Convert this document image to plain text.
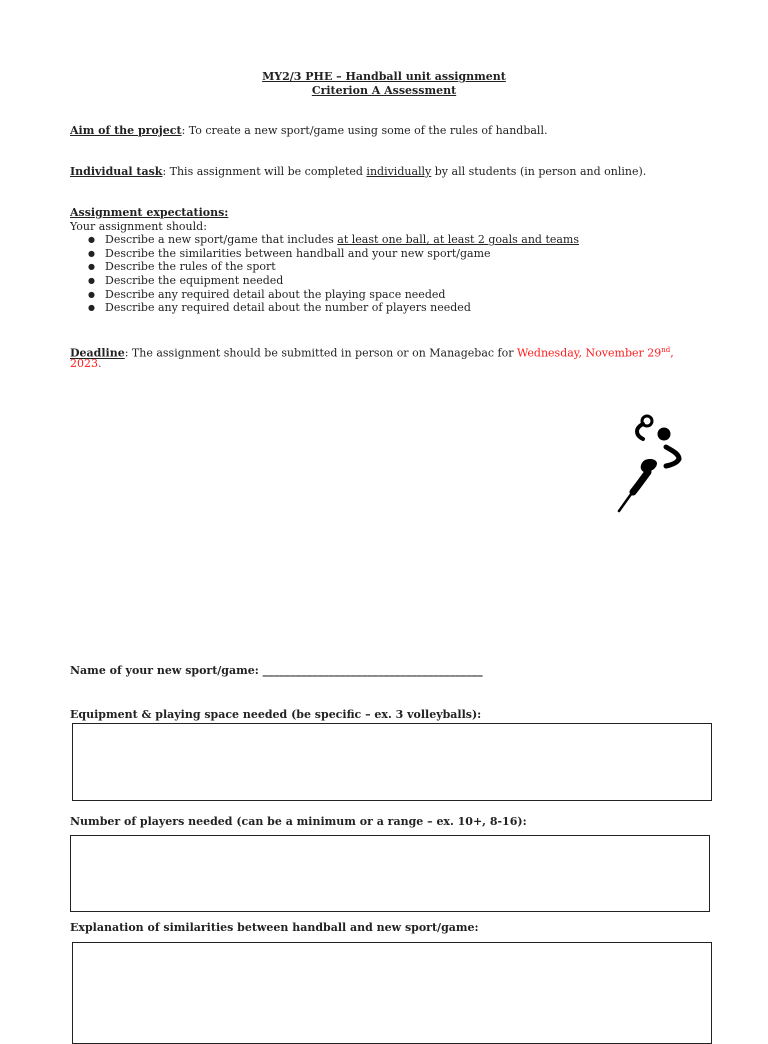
MY2/3 PHE – Handball unit assignment
Criterion A Assessment
Aim of the project: To create a new sport/game using some of the rules of handball.
Individual task: This assignment will be completed individually by all students (in person and online).
Assignment expectations:
Your assignment should:
● Describe a new sport/game that includes at least one ball, at least 2 goals and teams
● Describe the similarities between handball and your new sport/game
● Describe the rules of the sport
● Describe the equipment needed
● Describe any required detail about the playing space needed
● Describe any required detail about the number of players needed
Deadline: The assignment should be submitted in person or on Managebac for Wednesday, November 29nd,
2023.
Name of your new sport/game: ________________________________________
Equipment & playing space needed (be specific – ex. 3 volleyballs):
Number of players needed (can be a minimum or a range – ex. 10+, 8-16):
Explanation of similarities between handball and new sport/game:
